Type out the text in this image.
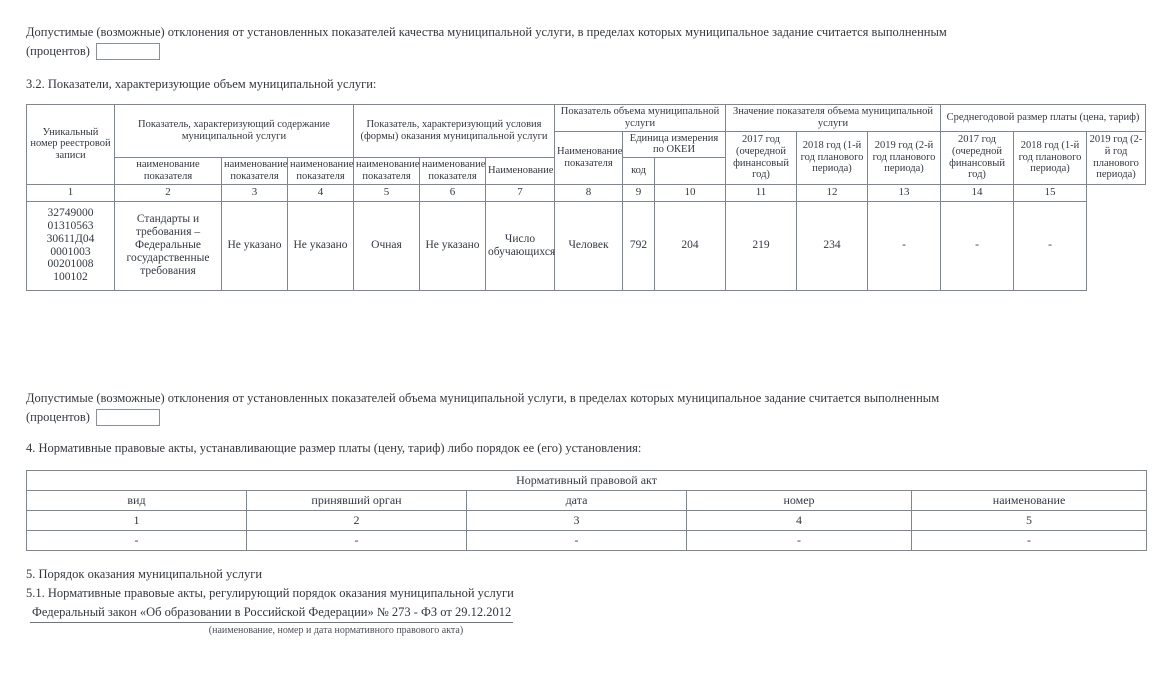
Допустимые (возможные) отклонения от установленных показателей качества муниципальной услуги, в пределах которых муниципальное задание считается выполненным
(процентов)
3.2. Показатели, характеризующие объем муниципальной услуги:
Уникальный номер реестровой записи	Показатель, характеризующий содержание муниципальной услуги			Показатель, характеризующий условия (формы) оказания муниципальной услуги			Показатель объема муниципальной услуги			Значение показателя объема муниципальной услуги			Среднегодовой размер платы (цена, тариф)		
							Наименование показателя	Единица измерения по ОКЕИ		2017 год (очередной финансовый год)	2018 год (1-й год планового периода)	2019 год (2-й год планового периода)	2017 год (очередной финансовый год)	2018 год (1-й год планового периода)	2019 год (2-й год планового периода)
	наименование показателя	наименование показателя	наименование показателя	наименование показателя	наименование показателя	Наименование		код							
1	2	3	4	5	6	7	8	9	10	11	12	13	14	15	
32749000 01310563 30611Д04 0001003 00201008 100102	Стандарты и требования – Федеральные государственные требования	Не указано	Не указано	Очная	Не указано	Число обучающихся	Человек	792	204	219	234	-	-	-	
Допустимые (возможные) отклонения от установленных показателей объема муниципальной услуги, в пределах которых муниципальное задание считается выполненным
(процентов)
4. Нормативные правовые акты, устанавливающие размер платы (цену, тариф) либо порядок ее (его) установления:
Нормативный правовой акт				
вид	принявший орган	дата	номер	наименование
1	2	3	4	5
-	-	-	-	-
5. Порядок оказания муниципальной услуги
5.1. Нормативные правовые акты, регулирующий порядок оказания муниципальной услуги
Федеральный закон «Об образовании в Российской Федерации» № 273 - ФЗ от 29.12.2012
(наименование, номер и дата нормативного правового акта)
